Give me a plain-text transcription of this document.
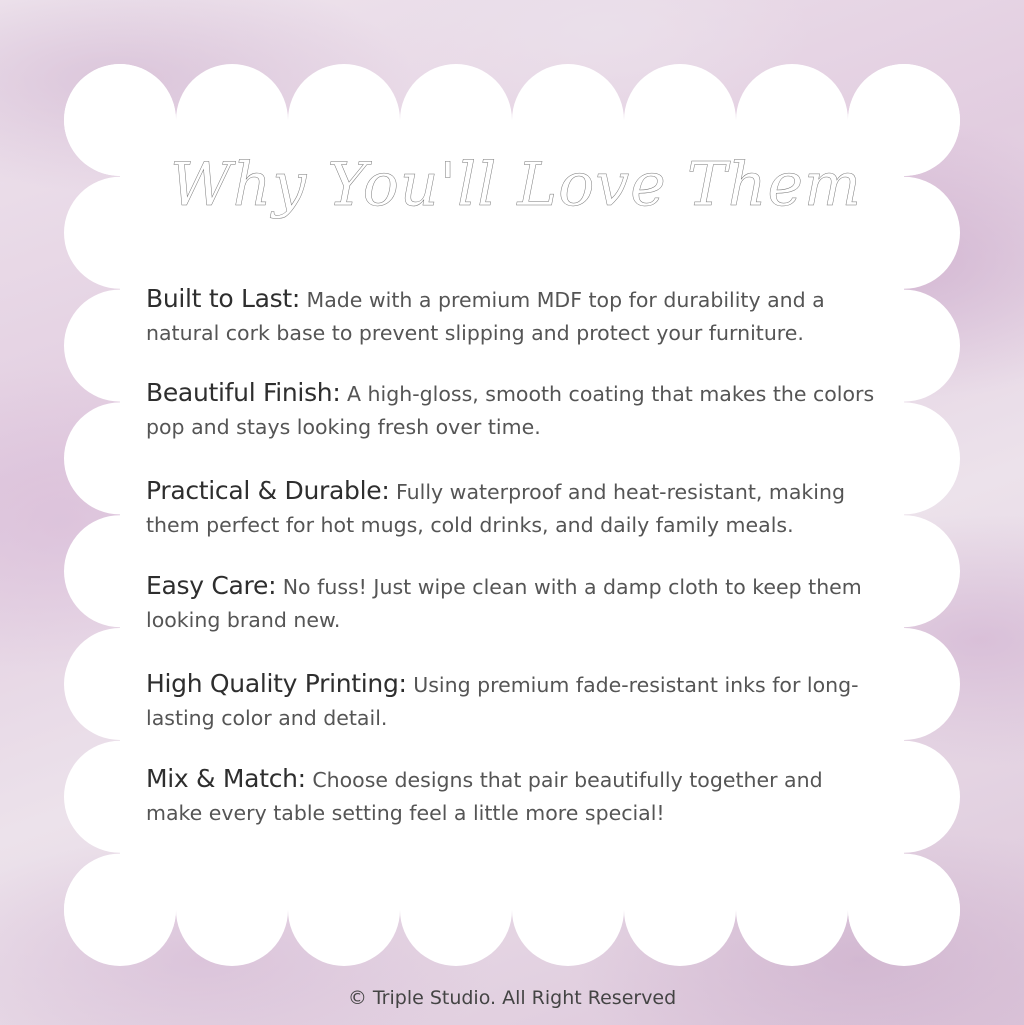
Why You'll Love Them
Built to Last: Made with a premium MDF top for durability and a natural cork base to prevent slipping and protect your furniture.
Beautiful Finish: A high-gloss, smooth coating that makes the colors pop and stays looking fresh over time.
Practical & Durable: Fully waterproof and heat-resistant, making them perfect for hot mugs, cold drinks, and daily family meals.
Easy Care: No fuss! Just wipe clean with a damp cloth to keep them looking brand new.
High Quality Printing: Using premium fade-resistant inks for long-lasting color and detail.
Mix & Match: Choose designs that pair beautifully together and make every table setting feel a little more special!
© Triple Studio. All Right Reserved
